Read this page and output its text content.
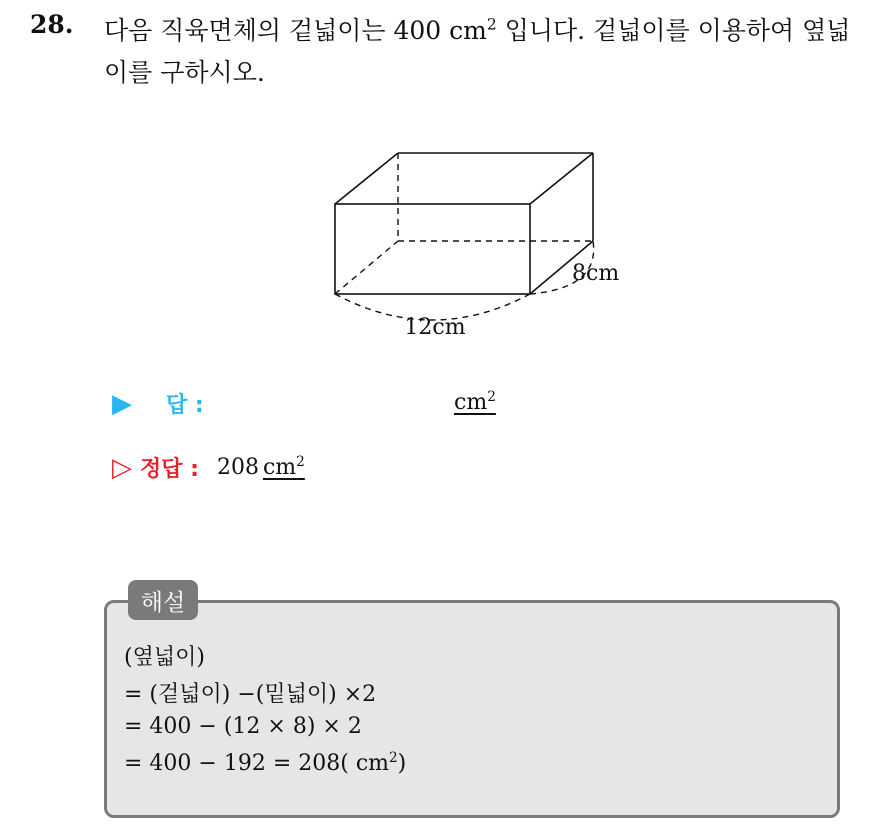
28. 다음 직육면체의 겉넓이는 400 $cm^2$ 입니다. 겉넓이를 이용하여 옆넓이를 구하시오.
12cm
8cm
▶ 답 :	$cm^2$
▷ 정답 : 208 $cm^2$
해설
(옆넓이)
= (겉넓이) −(밑넓이) ×2
= 400 − (12 × 8) × 2
= 400 − 192 = 208( $cm^2$)
